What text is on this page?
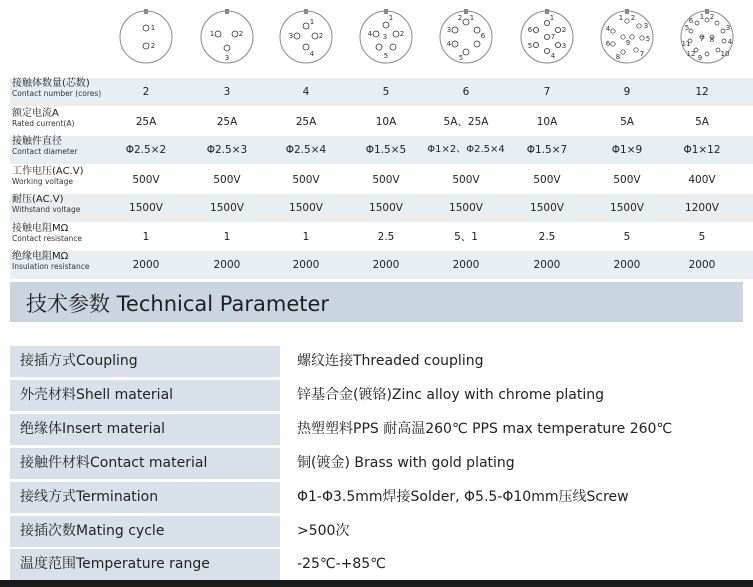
1
2
1	2
3
1
2
3
4
1
2
3
4
5
1
2
3
4
5
6
1
2
3
4
5
6
7
1 2
3
4
5
6
7
8
9
1 2
3
4
5
6
7 8
9	10
11
12
接触体数量(芯数)
Contact number (cores)	2	3	4	5	6	7	9	12
额定电流A
Rated current(A)	25A	25A	25A	10A	5A、25A	10A	5A	5A
接触件直径
Contact diameter	Φ2.5×2	Φ2.5×3	Φ2.5×4	Φ1.5×5	Φ1×2、Φ2.5×4	Φ1.5×7	Φ1×9	Φ1×12
工作电压(AC.V)
Working voltage	500V	500V	500V	500V	500V	500V	500V	400V
耐压(AC.V)
Withstand voltage	1500V	1500V	1500V	1500V	1500V	1500V	1500V	1200V
接触电阻MΩ
Contact resistance	1	1	1	2.5	5、1	2.5	5	5
绝缘电阻MΩ
Insulation resistance	2000	2000	2000	2000	2000	2000	2000	2000
技术参数 Technical Parameter
接插方式Coupling	螺纹连接Threaded coupling
外壳材料Shell material	锌基合金(镀铬)Zinc alloy with chrome plating
绝缘体Insert material	热塑塑料PPS 耐高温260℃ PPS max temperature 260℃
接触件材料Contact material	铜(镀金) Brass with gold plating
接线方式Termination	Φ1-Φ3.5mm焊接Solder, Φ5.5-Φ10mm压线Screw
接插次数Mating cycle	>500次
温度范围Temperature range	-25℃-+85℃
